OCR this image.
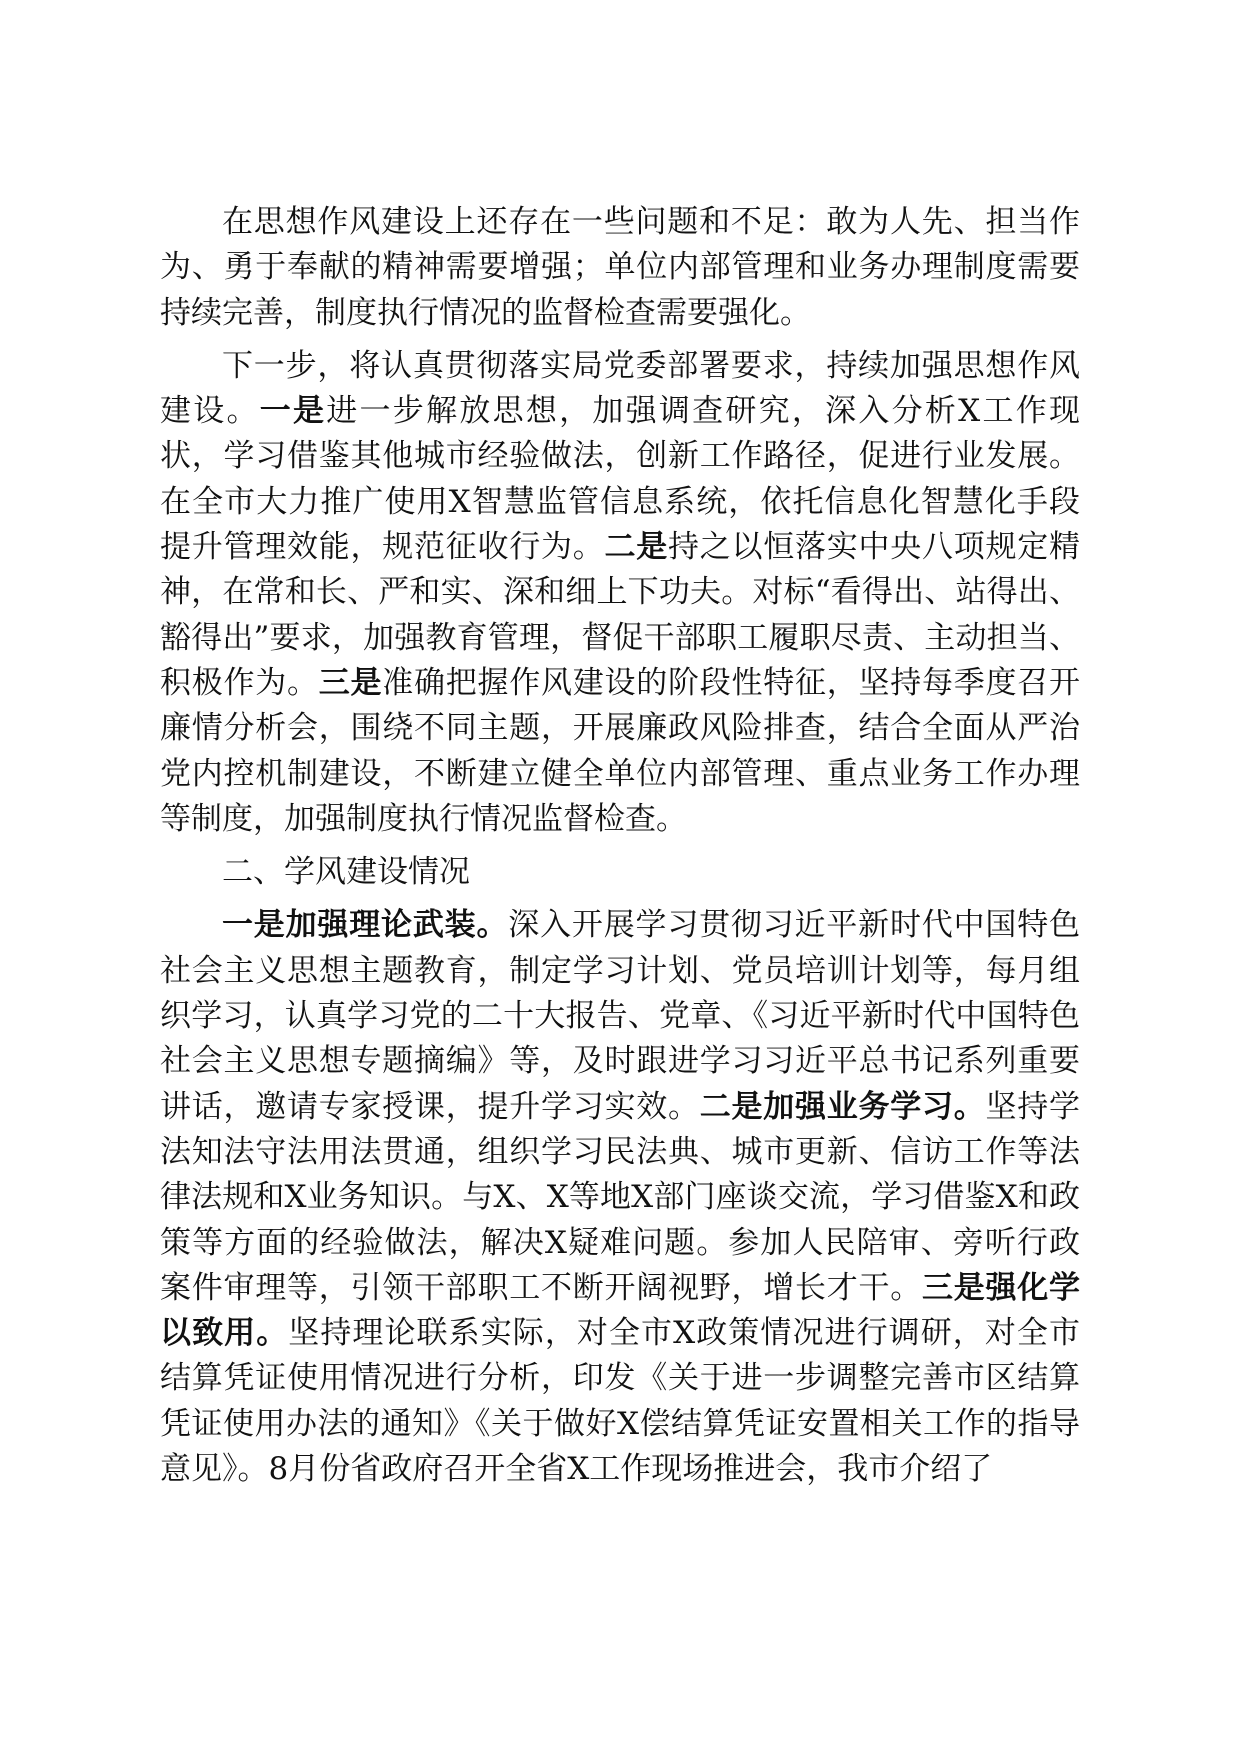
在思想作风建设上还存在一些问题和不足：敢为人先、担当作为、勇于奉献的精神需要增强；单位内部管理和业务办理制度需要持续完善，制度执行情况的监督检查需要强化。

下一步，将认真贯彻落实局党委部署要求，持续加强思想作风建设。一是进一步解放思想，加强调查研究，深入分析X工作现状，学习借鉴其他城市经验做法，创新工作路径，促进行业发展。在全市大力推广使用X智慧监管信息系统，依托信息化智慧化手段提升管理效能，规范征收行为。二是持之以恒落实中央八项规定精神，在常和长、严和实、深和细上下功夫。对标“看得出、站得出、豁得出”要求，加强教育管理，督促干部职工履职尽责、主动担当、积极作为。三是准确把握作风建设的阶段性特征，坚持每季度召开廉情分析会，围绕不同主题，开展廉政风险排查，结合全面从严治党内控机制建设，不断建立健全单位内部管理、重点业务工作办理等制度，加强制度执行情况监督检查。

二、学风建设情况

一是加强理论武装。深入开展学习贯彻习近平新时代中国特色社会主义思想主题教育，制定学习计划、党员培训计划等，每月组织学习，认真学习党的二十大报告、党章、《习近平新时代中国特色社会主义思想专题摘编》等，及时跟进学习习近平总书记系列重要讲话，邀请专家授课，提升学习实效。二是加强业务学习。坚持学法知法守法用法贯通，组织学习民法典、城市更新、信访工作等法律法规和X业务知识。与X、X等地X部门座谈交流，学习借鉴X和政策等方面的经验做法，解决X疑难问题。参加人民陪审、旁听行政案件审理等，引领干部职工不断开阔视野，增长才干。三是强化学以致用。坚持理论联系实际，对全市X政策情况进行调研，对全市结算凭证使用情况进行分析，印发《关于进一步调整完善市区结算凭证使用办法的通知》《关于做好X偿结算凭证安置相关工作的指导意见》。8月份省政府召开全省X工作现场推进会，我市介绍了
